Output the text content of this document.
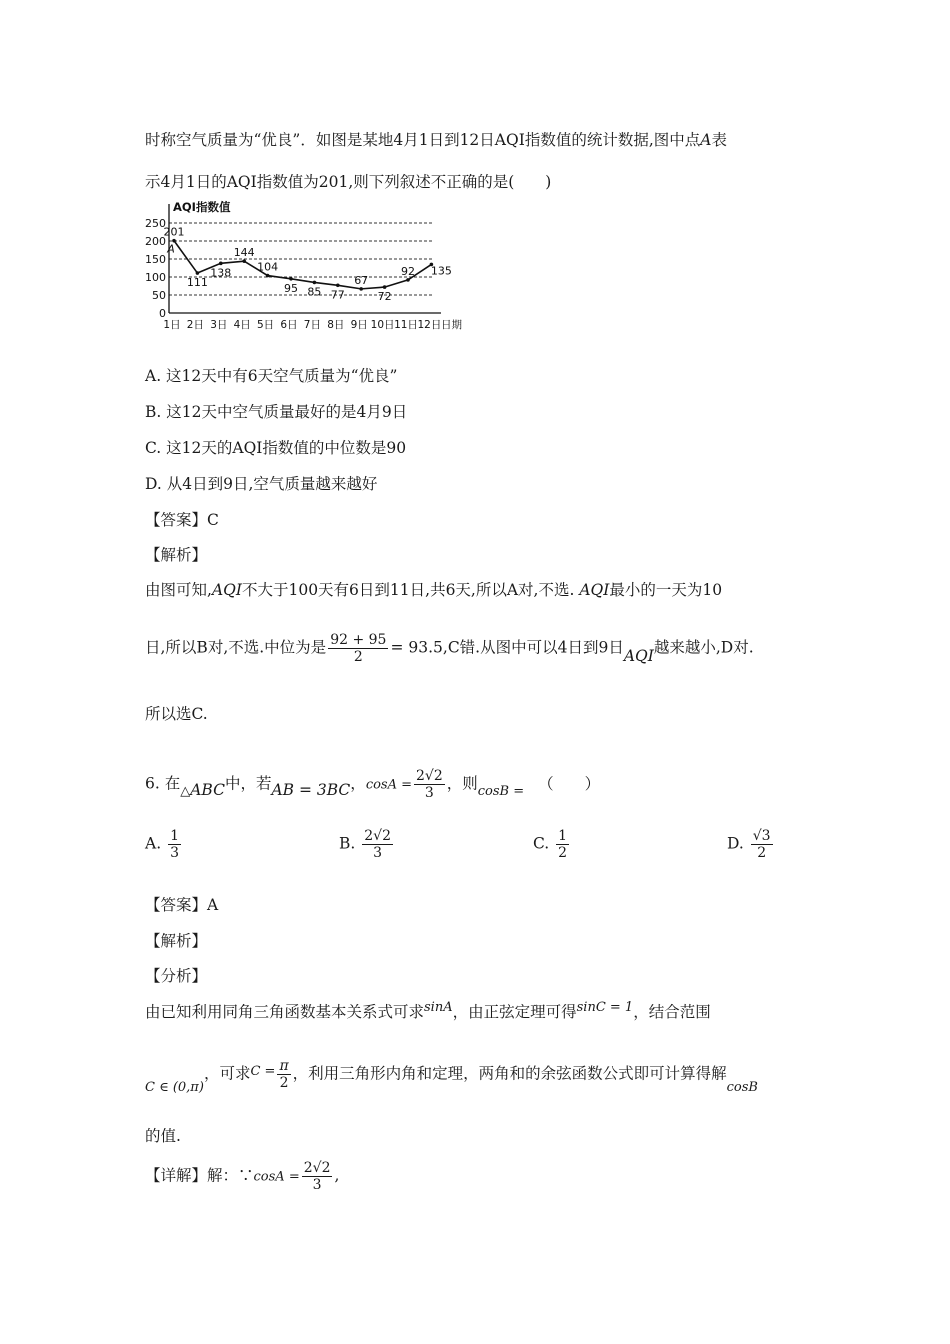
时称空气质量为“优良”．如图是某地4月1日到12日AQI指数值的统计数据,图中点A表
示4月1日的AQI指数值为201,则下列叙述不正确的是(　　)
0
50
100
150
200
250
AQI指数值
1日 2日 3日 4日 5日 6日 7日 8日 9日 10日 11日 12日 日期
201
111
138
144
104
95 85 77
67
72
92 135
A
A. 这12天中有6天空气质量为“优良”
B. 这12天中空气质量最好的是4月9日
C. 这12天的AQI指数值的中位数是90
D. 从4日到9日,空气质量越来越好
【答案】C
【解析】
由图可知,AQI不大于100天有6日到11日,共6天,所以A对,不选. AQI最小的一天为10
日,所以B对,不选.中位为是 $\frac{92 + 95}{2} = 93.5,C$错.从图中可以4日到9日AQI越来越小,D对.
所以选C.
6. 在$_\triangle$ABC中，若AB = 3BC，$\cos A = \frac{2√2}{3}$ ，则$_{cosB =}$ （　　）
A. $\frac{1}{3}$	B. $\frac{2√2}{3}$	C. $\frac{1}{2}$	D. $\frac{√3}{2}$
【答案】A
【解析】
【分析】
由已知利用同角三角函数基本关系式可求$^{sinA}$，由正弦定理可得$^{sinC = 1}$，结合范围
$_{C \in (0,\pi)}$，可求$^{C =} \frac{\pi}{2}$ ，利用三角形内角和定理，两角和的余弦函数公式即可计算得解$_{cosB}$
的值.
【详解】解：∵cosA = $\frac{2√2}{3}$ ,
